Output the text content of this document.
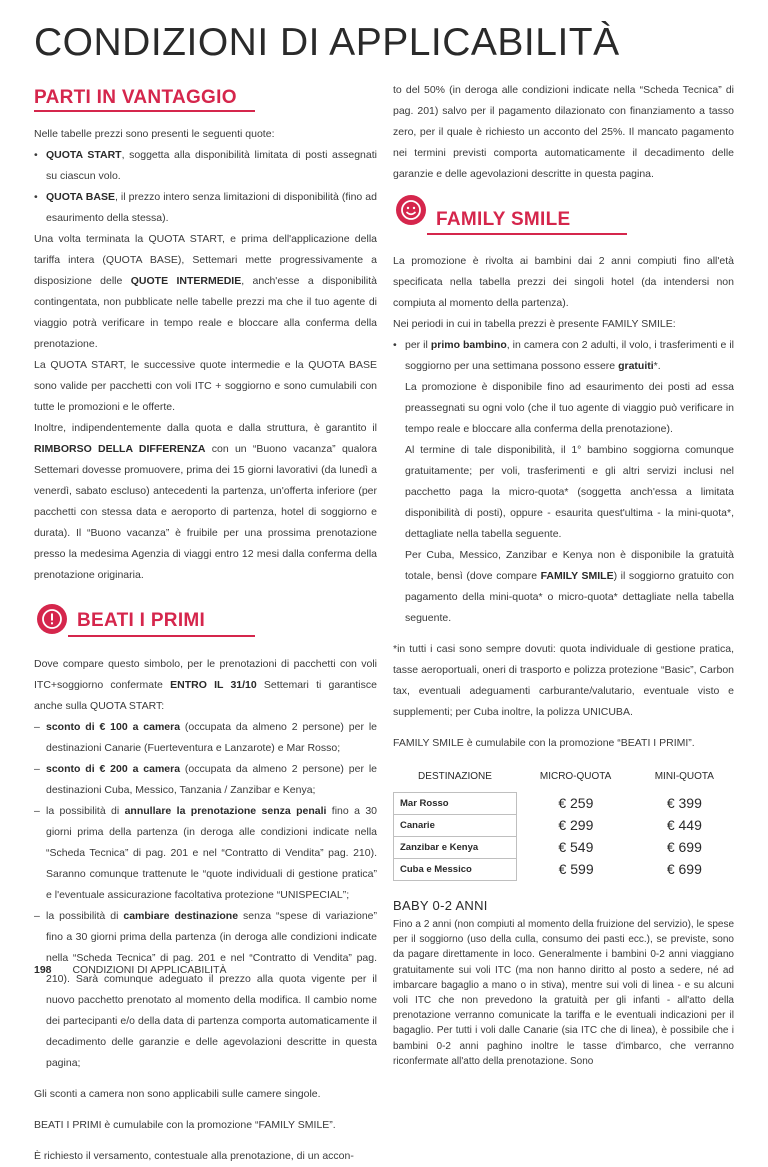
CONDIZIONI DI APPLICABILITÀ
PARTI IN VANTAGGIO

Nelle tabelle prezzi sono presenti le seguenti quote:

• QUOTA START, soggetta alla disponibilità limitata di posti assegnati su ciascun volo.
• QUOTA BASE, il prezzo intero senza limitazioni di disponibilità (fino ad esaurimento della stessa).

Una volta terminata la QUOTA START, e prima dell'applicazione della tariffa intera (QUOTA BASE), Settemari mette progressivamente a disposizione delle QUOTE INTERMEDIE, anch'esse a disponibilità contingentata, non pubblicate nelle tabelle prezzi ma che il tuo agente di viaggio potrà verificare in tempo reale e bloccare alla conferma della prenotazione.

La QUOTA START, le successive quote intermedie e la QUOTA BASE sono valide per pacchetti con voli ITC + soggiorno e sono cumulabili con tutte le promozioni e le offerte.

Inoltre, indipendentemente dalla quota e dalla struttura, è garantito il RIMBORSO DELLA DIFFERENZA con un “Buono vacanza” qualora Settemari dovesse promuovere, prima dei 15 giorni lavorativi (da lunedì a venerdì, sabato escluso) antecedenti la partenza, un'offerta inferiore (per pacchetti con stessa data e aeroporto di partenza, hotel di soggiorno e durata). Il “Buono vacanza” è fruibile per una prossima prenotazione presso la medesima Agenzia di viaggi entro 12 mesi dalla conferma della prenotazione originaria.

BEATI I PRIMI

Dove compare questo simbolo, per le prenotazioni di pacchetti con voli ITC+soggiorno confermate ENTRO IL 31/10 Settemari ti garantisce anche sulla QUOTA START:

– sconto di € 100 a camera (occupata da almeno 2 persone) per le destinazioni Canarie (Fuerteventura e Lanzarote) e Mar Rosso;
– sconto di € 200 a camera (occupata da almeno 2 persone) per le destinazioni Cuba, Messico, Tanzania / Zanzibar e Kenya;
– la possibilità di annullare la prenotazione senza penali fino a 30 giorni prima della partenza (in deroga alle condizioni indicate nella “Scheda Tecnica” di pag. 201 e nel “Contratto di Vendita” pag. 210). Saranno comunque trattenute le “quote individuali di gestione pratica” e l'eventuale assicurazione facoltativa protezione “UNISPECIAL”;
– la possibilità di cambiare destinazione senza “spese di variazione” fino a 30 giorni prima della partenza (in deroga alle condizioni indicate nella “Scheda Tecnica” di pag. 201 e nel “Contratto di Vendita” pag. 210). Sarà comunque adeguato il prezzo alla quota vigente per il nuovo pacchetto prenotato al momento della modifica. Il cambio nome dei partecipanti e/o della data di partenza comporta automaticamente il decadimento delle garanzie e delle agevolazioni descritte in questa pagina;

Gli sconti a camera non sono applicabili sulle camere singole.

BEATI I PRIMI è cumulabile con la promozione “FAMILY SMILE”.

È richiesto il versamento, contestuale alla prenotazione, di un accon-

to del 50% (in deroga alle condizioni indicate nella “Scheda Tecnica” di pag. 201) salvo per il pagamento dilazionato con finanziamento a tasso zero, per il quale è richiesto un acconto del 25%. Il mancato pagamento nei termini previsti comporta automaticamente il decadimento delle garanzie e delle agevolazioni descritte in questa pagina.

FAMILY SMILE

La promozione è rivolta ai bambini dai 2 anni compiuti fino all'età specificata nella tabella prezzi dei singoli hotel (da intendersi non compiuta al momento della partenza).

Nei periodi in cui in tabella prezzi è presente FAMILY SMILE:

• per il primo bambino, in camera con 2 adulti, il volo, i trasferimenti e il soggiorno per una settimana possono essere gratuiti*.
La promozione è disponibile fino ad esaurimento dei posti ad essa preassegnati su ogni volo (che il tuo agente di viaggio può verificare in tempo reale e bloccare alla conferma della prenotazione).
Al termine di tale disponibilità, il 1° bambino soggiorna comunque gratuitamente; per voli, trasferimenti e gli altri servizi inclusi nel pacchetto paga la micro-quota* (soggetta anch'essa a limitata disponibilità di posti), oppure - esaurita quest'ultima - la mini-quota*, dettagliate nella tabella seguente.
Per Cuba, Messico, Zanzibar e Kenya non è disponibile la gratuità totale, bensì (dove compare FAMILY SMILE) il soggiorno gratuito con pagamento della mini-quota* o micro-quota* dettagliate nella tabella seguente.

*in tutti i casi sono sempre dovuti: quota individuale di gestione pratica, tasse aeroportuali, oneri di trasporto e polizza protezione “Basic”, Carbon tax, eventuali adeguamenti carburante/valutario, eventuale visto e supplementi; per Cuba inoltre, la polizza UNICUBA.

FAMILY SMILE è cumulabile con la promozione “BEATI I PRIMI”.

DESTINAZIONE	MICRO-QUOTA	MINI-QUOTA
Mar Rosso	€ 259	€ 399
Canarie	€ 299	€ 449
Zanzibar e Kenya	€ 549	€ 699
Cuba e Messico	€ 599	€ 699
BABY 0-2 ANNI

Fino a 2 anni (non compiuti al momento della fruizione del servizio), le spese per il soggiorno (uso della culla, consumo dei pasti ecc.), se previste, sono da pagare direttamente in loco. Generalmente i bambini 0-2 anni viaggiano gratuitamente sui voli ITC (ma non hanno diritto al posto a sedere, né ad imbarcare bagaglio a mano o in stiva), mentre sui voli di linea - e su alcuni voli ITC che non prevedono la gratuità per gli infanti - all'atto della prenotazione verranno comunicate la tariffa e le eventuali indicazioni per il bagaglio. Per tutti i voli dalle Canarie (sia ITC che di linea), è possibile che i bambini 0-2 anni paghino inoltre le tasse d'imbarco, che verranno riconfermate all'atto della prenotazione. Sono

198 CONDIZIONI DI APPLICABILITÀ
